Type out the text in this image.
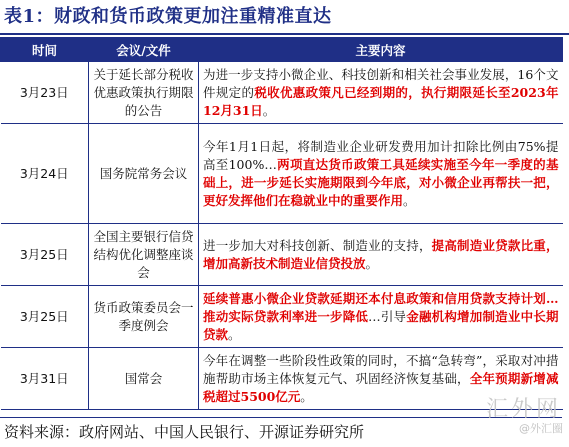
表1：财政和货币政策更加注重精准直达
时间	会议/文件	主要内容
3月23日	关于延长部分税收优惠政策执行期限的公告	为进一步支持小微企业、科技创新和相关社会事业发展，16个文件规定的税收优惠政策凡已经到期的，执行期限延长至2023年12月31日。
3月24日	国务院常务会议	今年1月1日起，将制造业企业研发费用加计扣除比例由75%提高至100%…两项直达货币政策工具延续实施至今年一季度的基础上，进一步延长实施期限到今年底，对小微企业再帮扶一把，更好发挥他们在稳就业中的重要作用。
3月25日	全国主要银行信贷结构优化调整座谈会	进一步加大对科技创新、制造业的支持，提高制造业贷款比重，增加高新技术制造业信贷投放。
3月25日	货币政策委员会一季度例会	延续普惠小微企业贷款延期还本付息政策和信用贷款支持计划…推动实际贷款利率进一步降低…引导金融机构增加制造业中长期贷款。
3月31日	国常会	今年在调整一些阶段性政策的同时，不搞“急转弯”，采取对冲措施帮助市场主体恢复元气、巩固经济恢复基础，全年预期新增减税超过5500亿元。
资料来源：政府网站、中国人民银行、开源证券研究所
汇外网
@外汇圈
